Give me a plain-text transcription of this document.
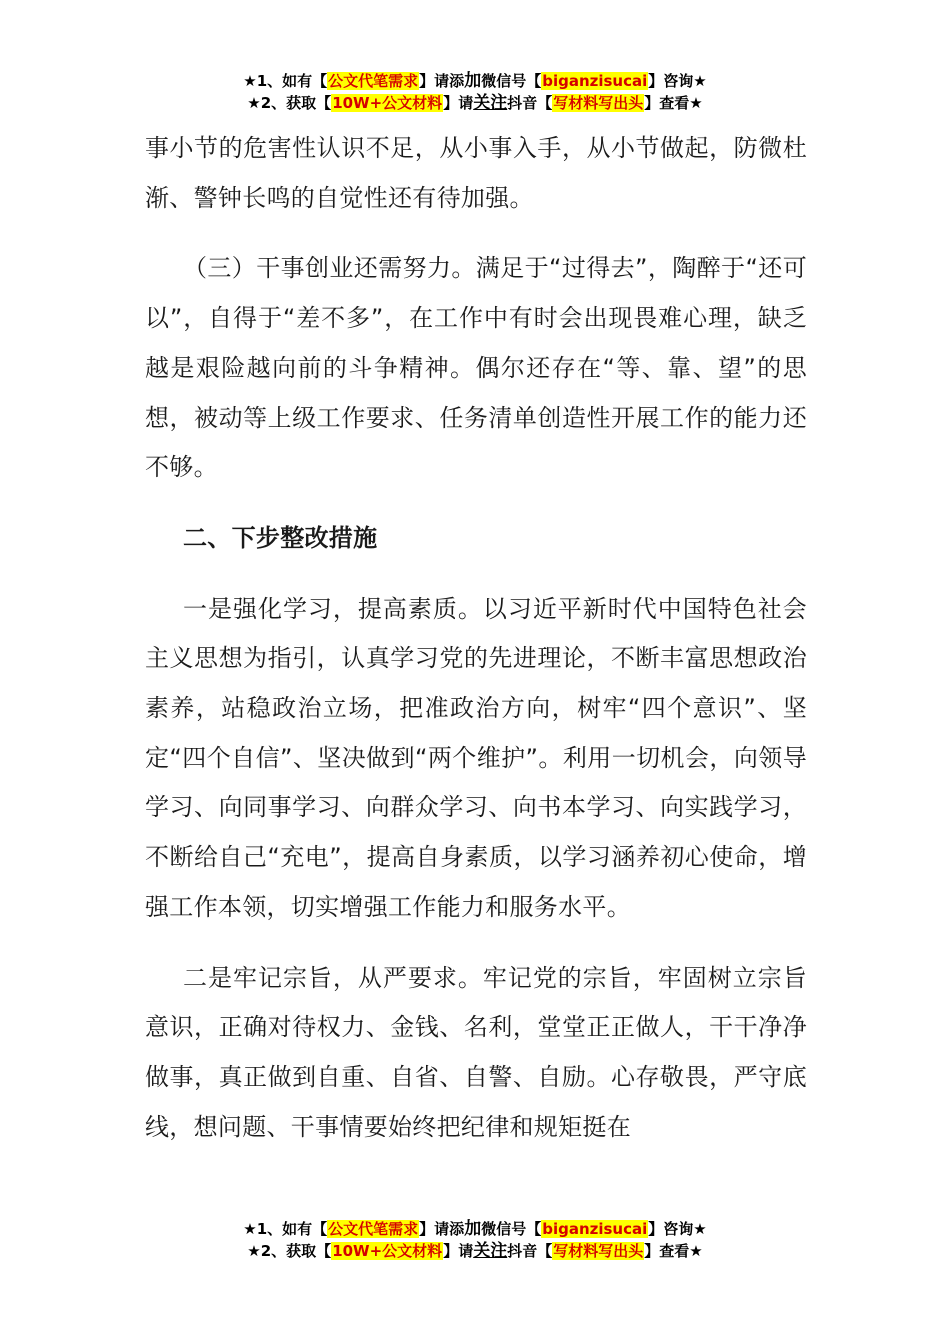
★1、如有【公文代笔需求】请添加微信号【biganzisucai】咨询★
★2、获取【10W+公文材料】请关注抖音【写材料写出头】查看★

事小节的危害性认识不足，从小事入手，从小节做起，防微杜渐、警钟长鸣的自觉性还有待加强。

（三）干事创业还需努力。满足于“过得去”，陶醉于“还可以”，自得于“差不多”，在工作中有时会出现畏难心理，缺乏越是艰险越向前的斗争精神。偶尔还存在“等、靠、望”的思想，被动等上级工作要求、任务清单创造性开展工作的能力还不够。

二、下步整改措施

一是强化学习，提高素质。以习近平新时代中国特色社会主义思想为指引，认真学习党的先进理论，不断丰富思想政治素养，站稳政治立场，把准政治方向，树牢“四个意识”、坚定“四个自信”、坚决做到“两个维护”。利用一切机会，向领导学习、向同事学习、向群众学习、向书本学习、向实践学习，不断给自己“充电”，提高自身素质，以学习涵养初心使命，增强工作本领，切实增强工作能力和服务水平。

二是牢记宗旨，从严要求。牢记党的宗旨，牢固树立宗旨意识，正确对待权力、金钱、名利，堂堂正正做人，干干净净做事，真正做到自重、自省、自警、自励。心存敬畏，严守底线，想问题、干事情要始终把纪律和规矩挺在

★1、如有【公文代笔需求】请添加微信号【biganzisucai】咨询★
★2、获取【10W+公文材料】请关注抖音【写材料写出头】查看★
